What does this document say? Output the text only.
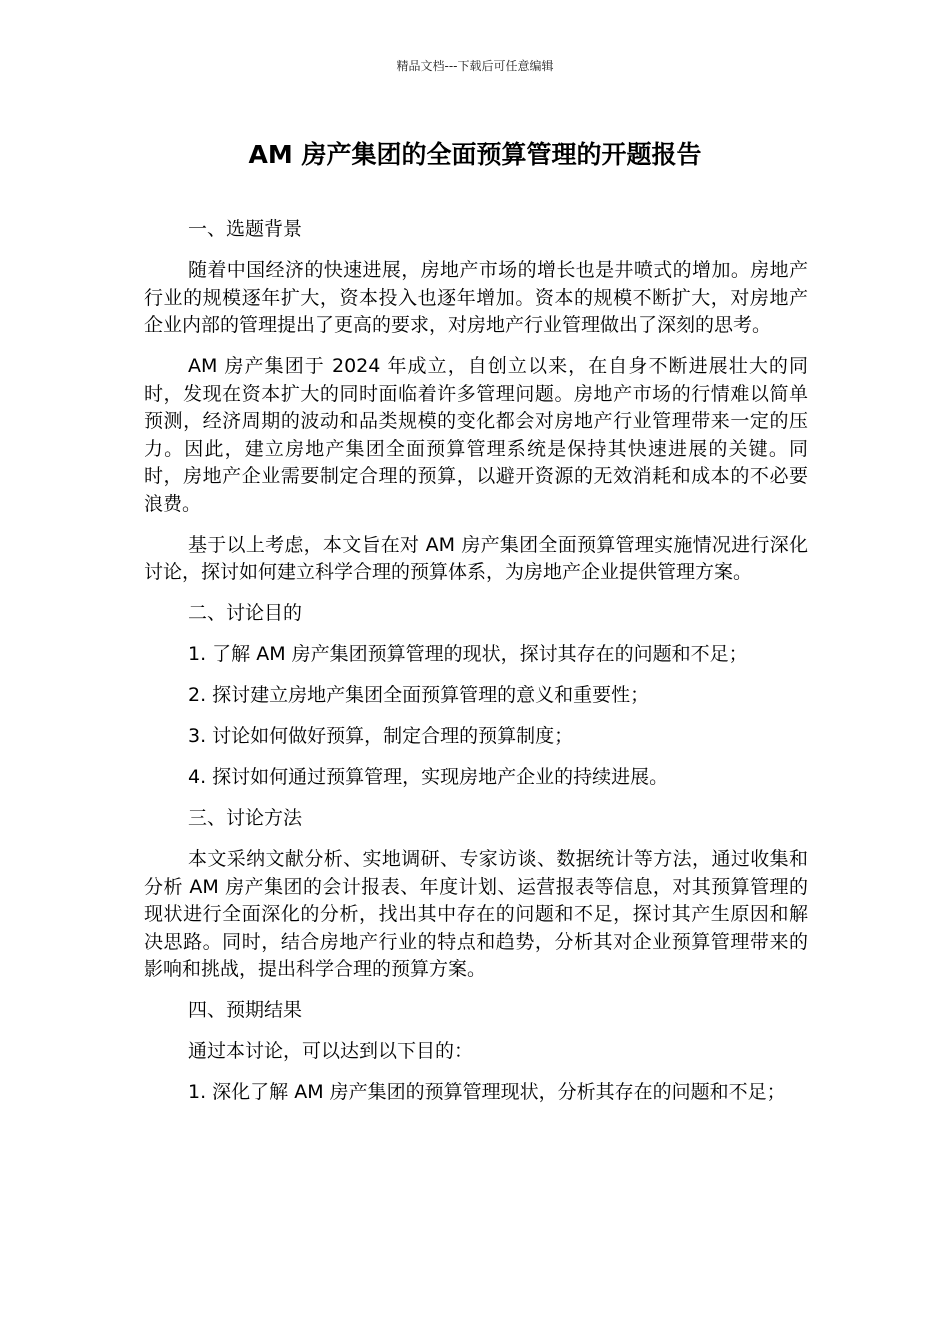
精品文档---下载后可任意编辑
AM 房产集团的全面预算管理的开题报告

一、选题背景

随着中国经济的快速进展，房地产市场的增长也是井喷式的增加。房地产行业的规模逐年扩大，资本投入也逐年增加。资本的规模不断扩大，对房地产企业内部的管理提出了更高的要求，对房地产行业管理做出了深刻的思考。

AM 房产集团于 2024 年成立，自创立以来，在自身不断进展壮大的同时，发现在资本扩大的同时面临着许多管理问题。房地产市场的行情难以简单预测，经济周期的波动和品类规模的变化都会对房地产行业管理带来一定的压力。因此，建立房地产集团全面预算管理系统是保持其快速进展的关键。同时，房地产企业需要制定合理的预算，以避开资源的无效消耗和成本的不必要浪费。

基于以上考虑，本文旨在对 AM 房产集团全面预算管理实施情况进行深化讨论，探讨如何建立科学合理的预算体系，为房地产企业提供管理方案。

二、讨论目的

1. 了解 AM 房产集团预算管理的现状，探讨其存在的问题和不足；

2. 探讨建立房地产集团全面预算管理的意义和重要性；

3. 讨论如何做好预算，制定合理的预算制度；

4. 探讨如何通过预算管理，实现房地产企业的持续进展。

三、讨论方法

本文采纳文献分析、实地调研、专家访谈、数据统计等方法，通过收集和分析 AM 房产集团的会计报表、年度计划、运营报表等信息，对其预算管理的现状进行全面深化的分析，找出其中存在的问题和不足，探讨其产生原因和解决思路。同时，结合房地产行业的特点和趋势，分析其对企业预算管理带来的影响和挑战，提出科学合理的预算方案。

四、预期结果

通过本讨论，可以达到以下目的：

1. 深化了解 AM 房产集团的预算管理现状，分析其存在的问题和不足；
